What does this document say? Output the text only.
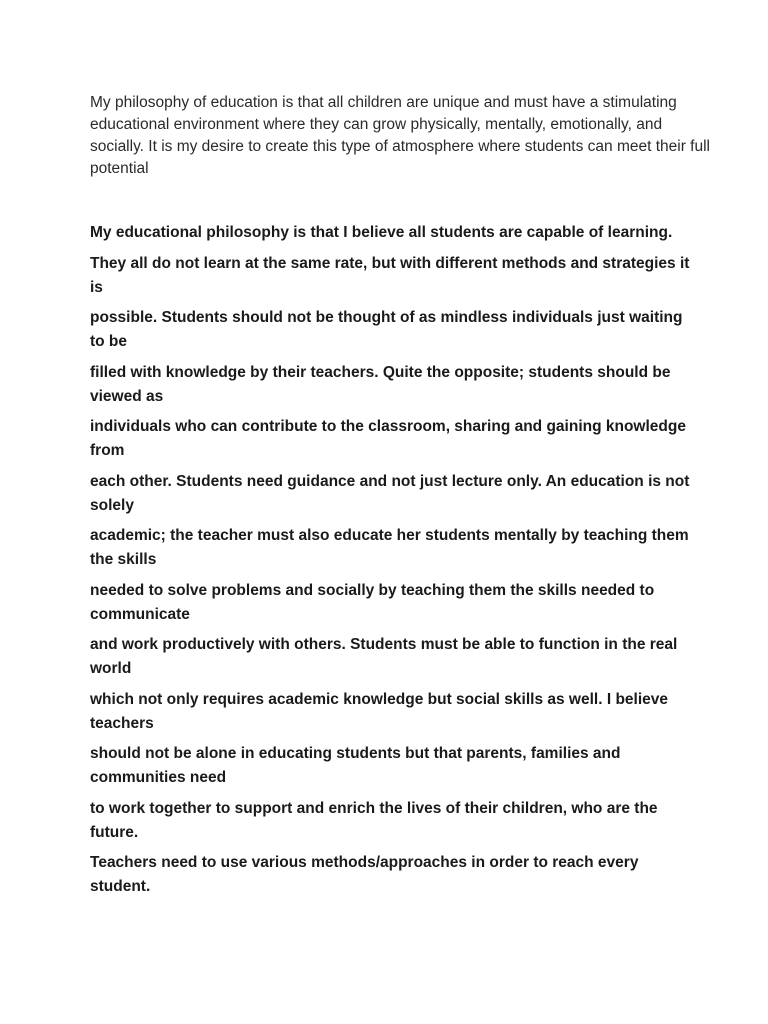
My philosophy of education is that all children are unique and must have a stimulating educational environment where they can grow physically, mentally, emotionally, and socially. It is my desire to create this type of atmosphere where students can meet their full potential

My educational philosophy is that I believe all students are capable of learning.

They all do not learn at the same rate, but with different methods and strategies it is

possible. Students should not be thought of as mindless individuals just waiting to be

filled with knowledge by their teachers. Quite the opposite; students should be viewed as

individuals who can contribute to the classroom, sharing and gaining knowledge from

each other. Students need guidance and not just lecture only. An education is not solely

academic; the teacher must also educate her students mentally by teaching them the skills

needed to solve problems and socially by teaching them the skills needed to communicate

and work productively with others. Students must be able to function in the real world

which not only requires academic knowledge but social skills as well. I believe teachers

should not be alone in educating students but that parents, families and communities need

to work together to support and enrich the lives of their children, who are the future.

Teachers need to use various methods/approaches in order to reach every student.
